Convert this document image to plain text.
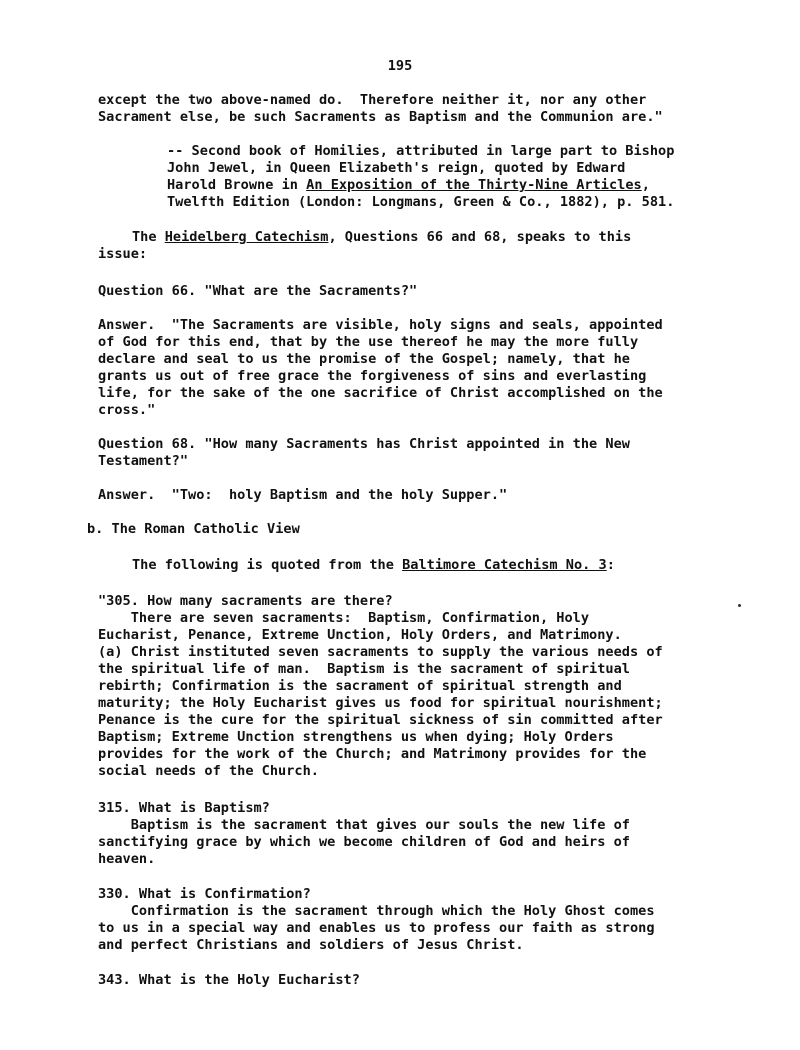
195
except the two above-named do.  Therefore neither it, nor any other
Sacrament else, be such Sacraments as Baptism and the Communion are."
-- Second book of Homilies, attributed in large part to Bishop
John Jewel, in Queen Elizabeth's reign, quoted by Edward
Harold Browne in An Exposition of the Thirty-Nine Articles,
Twelfth Edition (London: Longmans, Green & Co., 1882), p. 581.
The Heidelberg Catechism, Questions 66 and 68, speaks to this
issue:
Question 66. "What are the Sacraments?"
Answer.  "The Sacraments are visible, holy signs and seals, appointed
of God for this end, that by the use thereof he may the more fully
declare and seal to us the promise of the Gospel; namely, that he
grants us out of free grace the forgiveness of sins and everlasting
life, for the sake of the one sacrifice of Christ accomplished on the
cross."
Question 68. "How many Sacraments has Christ appointed in the New
Testament?"
Answer.  "Two:  holy Baptism and the holy Supper."
b. The Roman Catholic View
The following is quoted from the Baltimore Catechism No. 3:
"305. How many sacraments are there?
There are seven sacraments:  Baptism, Confirmation, Holy
Eucharist, Penance, Extreme Unction, Holy Orders, and Matrimony.
(a) Christ instituted seven sacraments to supply the various needs of
the spiritual life of man.  Baptism is the sacrament of spiritual
rebirth; Confirmation is the sacrament of spiritual strength and
maturity; the Holy Eucharist gives us food for spiritual nourishment;
Penance is the cure for the spiritual sickness of sin committed after
Baptism; Extreme Unction strengthens us when dying; Holy Orders
provides for the work of the Church; and Matrimony provides for the
social needs of the Church.
315. What is Baptism?
Baptism is the sacrament that gives our souls the new life of
sanctifying grace by which we become children of God and heirs of
heaven.
330. What is Confirmation?
Confirmation is the sacrament through which the Holy Ghost comes
to us in a special way and enables us to profess our faith as strong
and perfect Christians and soldiers of Jesus Christ.
343. What is the Holy Eucharist?
